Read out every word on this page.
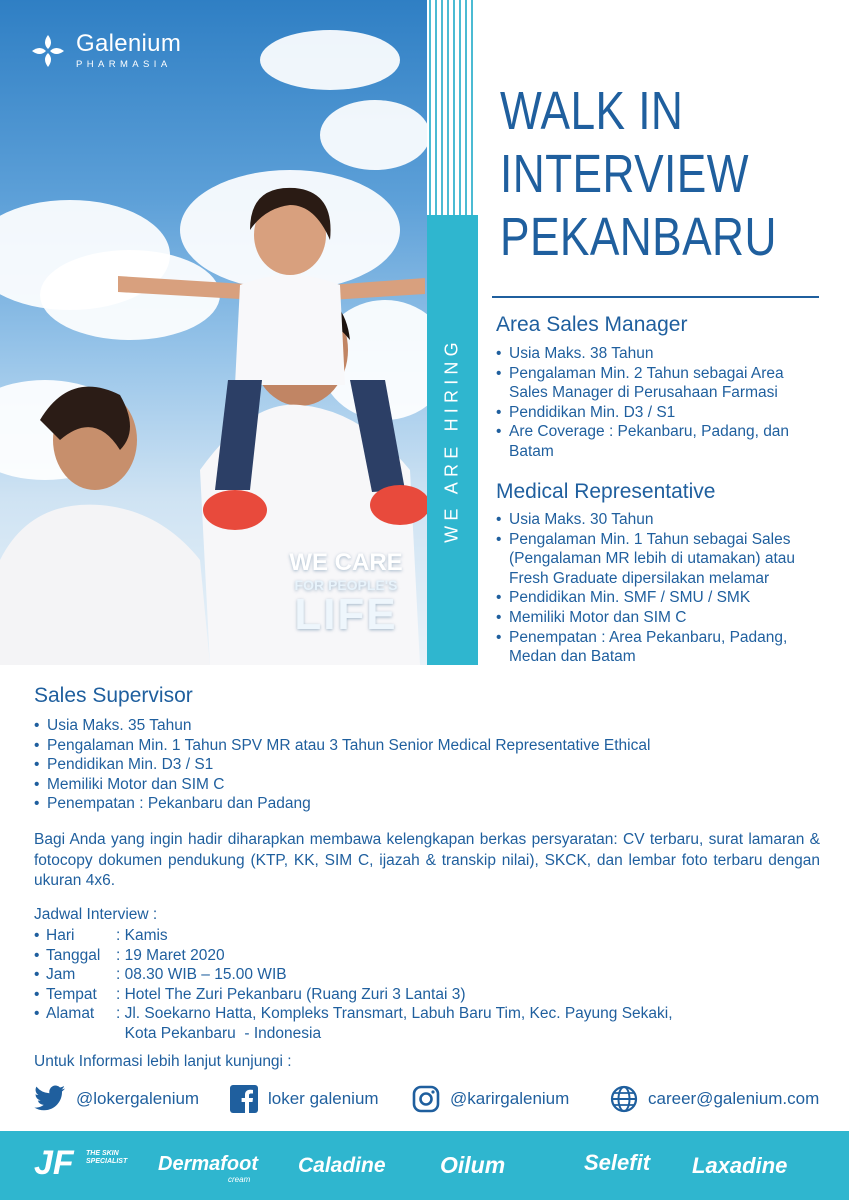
Galenium
PHARMASIA
WE CARE
FOR PEOPLE'S
LIFE
WE ARE HIRING
WALK IN
INTERVIEW
PEKANBARU
Area Sales Manager
• Usia Maks. 38 Tahun
• Pengalaman Min. 2 Tahun sebagai Area Sales Manager di Perusahaan Farmasi
• Pendidikan Min. D3 / S1
• Are Coverage : Pekanbaru, Padang, dan Batam
Medical Representative
• Usia Maks. 30 Tahun
• Pengalaman Min. 1 Tahun sebagai Sales (Pengalaman MR lebih di utamakan) atau Fresh Graduate dipersilakan melamar
• Pendidikan Min. SMF / SMU / SMK
• Memiliki Motor dan SIM C
• Penempatan : Area Pekanbaru, Padang, Medan dan Batam
Sales Supervisor
• Usia Maks. 35 Tahun
• Pengalaman Min. 1 Tahun SPV MR atau 3 Tahun Senior Medical Representative Ethical
• Pendidikan Min. D3 / S1
• Memiliki Motor dan SIM C
• Penempatan : Pekanbaru dan Padang
Bagi Anda yang ingin hadir diharapkan membawa kelengkapan berkas persyaratan: CV terbaru, surat lamaran & fotocopy dokumen pendukung (KTP, KK, SIM C, ijazah & transkip nilai), SKCK, dan lembar foto terbaru dengan ukuran 4x6.
Jadwal Interview :
• Hari	: Kamis
• Tanggal	: 19 Maret 2020
• Jam	: 08.30 WIB – 15.00 WIB
• Tempat	: Hotel The Zuri Pekanbaru (Ruang Zuri 3 Lantai 3)
• Alamat	: Jl. Soekarno Hatta, Kompleks Transmart, Labuh Baru Tim, Kec. Payung Sekaki,
Kota Pekanbaru  - Indonesia
Untuk Informasi lebih lanjut kunjungi :
@lokergalenium	loker galenium	@karirgalenium	career@galenium.com
JF THE SKIN SPECIALIST Dermafoot
cream
Caladine Oilum	Selefit Laxadine
